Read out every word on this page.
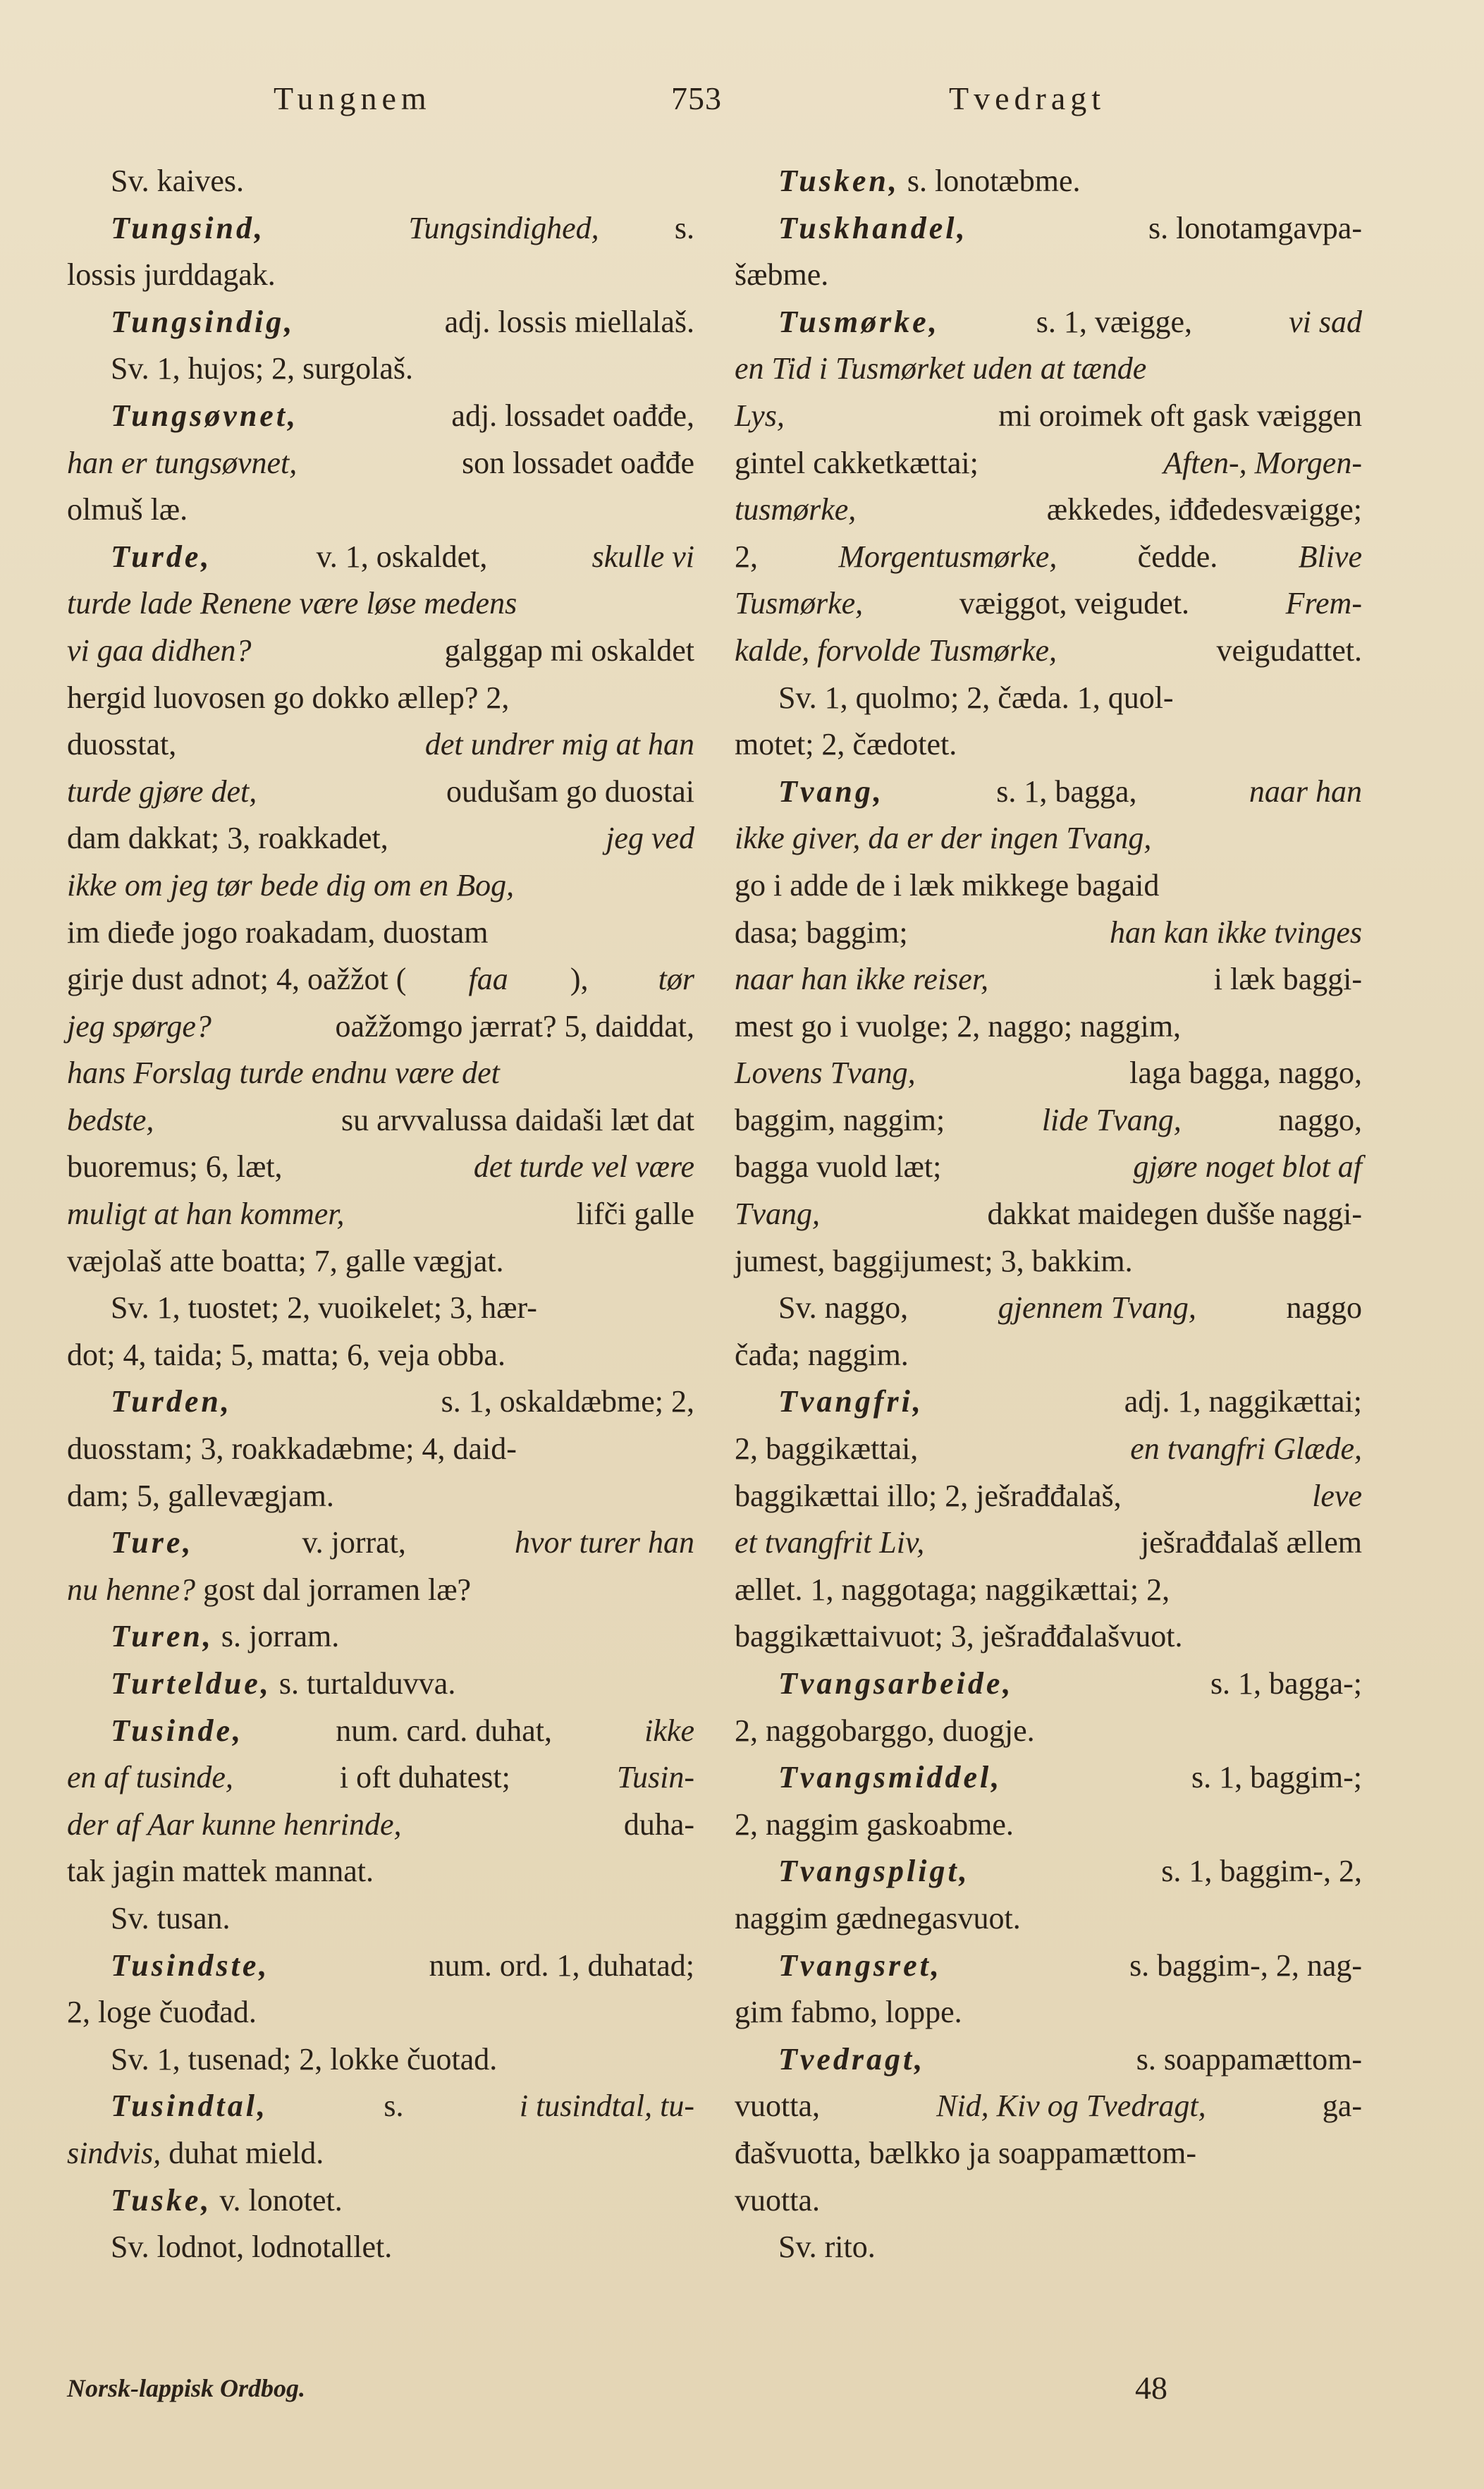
Tungnem	753	Tvedragt
Sv. kaives.
Tungsind,
	Tungsindighed, s.
lossis jurddagak.
Tungsindig,	adj. lossis miellalaš.
Sv. 1, hujos; 2, surgolaš.
Tungsøvnet,	adj. lossadet oađđe,
han er tungsøvnet,	son lossadet oađđe
olmuš læ.
Turde,	v. 1, oskaldet,	skulle vi
turde lade Renene være løse medens
vi gaa didhen?	galggap mi oskaldet
hergid luovosen go dokko ællep? 2,
duosstat,	det undrer mig at han
turde gjøre det,	oudušam go duostai
dam dakkat; 3, roakkadet,	jeg ved
ikke om jeg tør bede dig om en Bog,
im dieđe jogo roakadam, duostam
girje dust adnot; 4, oažžot ( faa ), tør
jeg spørge?	oažžomgo jærrat? 5, daiddat,
hans Forslag turde endnu være det
bedste,	su arvvalussa daidaši læt dat
buoremus; 6, læt,	det turde vel være
muligt at han kommer,	lifči galle
væjolaš atte boatta; 7, galle vægjat.
Sv. 1, tuostet; 2, vuoikelet; 3, hær-
dot; 4, taida; 5, matta; 6, veja obba.
Turden,	s. 1, oskaldæbme; 2,
duosstam; 3, roakkadæbme; 4, daid-
dam; 5, gallevægjam.
Ture,	v. jorrat,	hvor turer han
nu henne? gost dal jorramen læ?
Turen, s. jorram.
Turteldue, s. turtalduvva.
Tusinde,	num. card. duhat,	ikke
en af tusinde,	i oft duhatest;	Tusin-
der af Aar kunne henrinde,	duha-
tak jagin mattek mannat.
Sv. tusan.
Tusindste,	num. ord. 1, duhatad;
2, loge čuođad.
Sv. 1, tusenad; 2, lokke čuotad.
Tusindtal,	s.	i tusindtal, tu-
sindvis, duhat mield.
Tuske, v. lonotet.
Sv. lodnot, lodnotallet.
Tusken, s. lonotæbme.
Tuskhandel,	s. lonotamgavpa-
šæbme.
Tusmørke,	s. 1, væigge,	vi sad
en Tid i Tusmørket uden at tænde
Lys,	mi oroimek oft gask væiggen
gintel cakketkættai;	Aften-, Morgen-
tusmørke,	ækkedes, iđđedesvæigge;
2, Morgentusmørke, čedde. Blive
Tusmørke,	væiggot, veigudet.	Frem-
kalde, forvolde Tusmørke,	veigudattet.
Sv. 1, quolmo; 2, čæda. 1, quol-
motet; 2, čædotet.
Tvang,	s. 1, bagga,	naar han
ikke giver, da er der ingen Tvang,
go i adde de i læk mikkege bagaid
dasa; baggim;	han kan ikke tvinges
naar han ikke reiser,	i læk baggi-
mest go i vuolge; 2, naggo; naggim,
Lovens Tvang,	laga bagga, naggo,
baggim, naggim;	lide Tvang,	naggo,
bagga vuold læt;	gjøre noget blot af
Tvang,	dakkat maidegen dušše naggi-
jumest, baggijumest; 3, bakkim.
Sv. naggo,	gjennem Tvang,	naggo
čađa; naggim.
Tvangfri,	adj. 1, naggikættai;
2, baggikættai,	en tvangfri Glæde,
baggikættai illo; 2, ješrađđalaš,	leve
et tvangfrit Liv,	ješrađđalaš ællem
ællet. 1, naggotaga; naggikættai; 2,
baggikættaivuot; 3, ješrađđalašvuot.
Tvangsarbeide,	s. 1, bagga-;
2, naggobarggo, duogje.
Tvangsmiddel,	s. 1, baggim-;
2, naggim gaskoabme.
Tvangspligt,	s. 1, baggim-, 2,
naggim gædnegasvuot.
Tvangsret,	s. baggim-, 2, nag-
gim fabmo, loppe.
Tvedragt,	s. soappamættom-
vuotta,	Nid, Kiv og Tvedragt,	ga-
đašvuotta, bælkko ja soappamættom-
vuotta.
Sv. rito.
Norsk-lappisk Ordbog.	48
